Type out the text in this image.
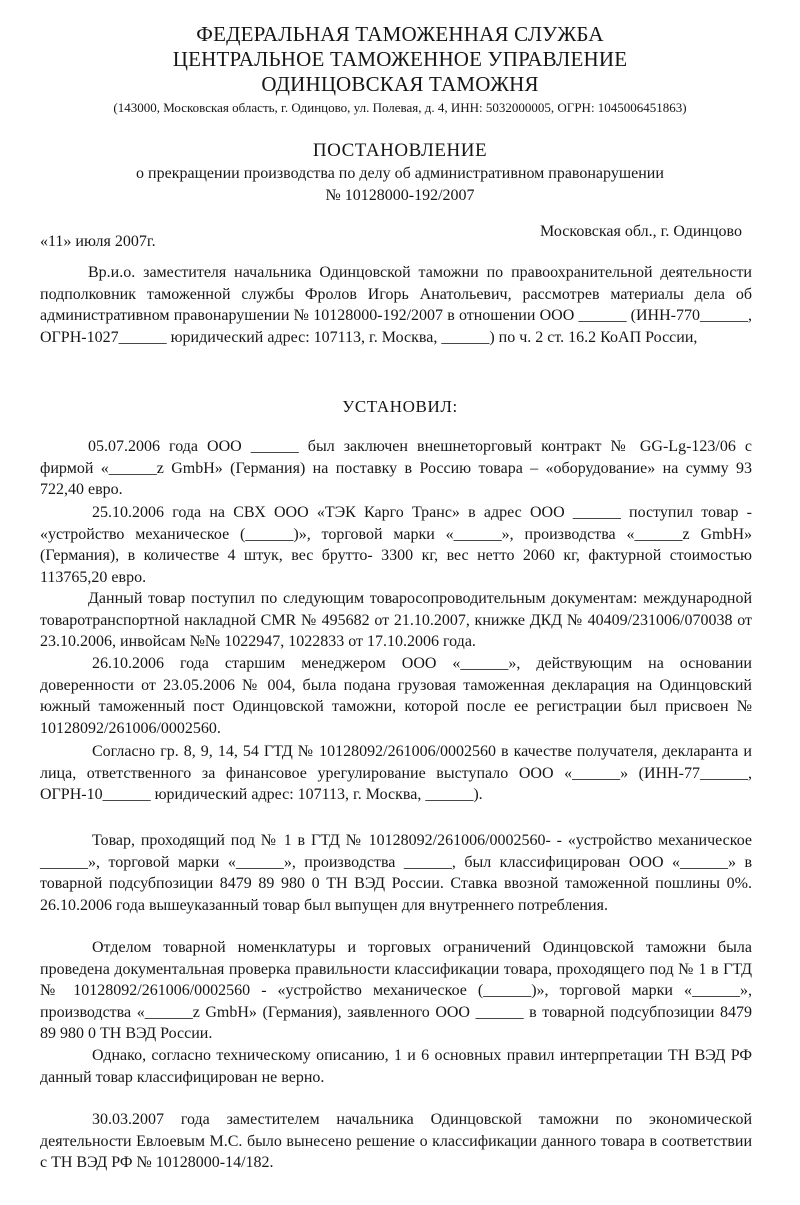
ФЕДЕРАЛЬНАЯ ТАМОЖЕННАЯ СЛУЖБА
ЦЕНТРАЛЬНОЕ ТАМОЖЕННОЕ УПРАВЛЕНИЕ
ОДИНЦОВСКАЯ ТАМОЖНЯ
(143000, Московская область, г. Одинцово, ул. Полевая, д. 4, ИНН: 5032000005, ОГРН: 1045006451863)
ПОСТАНОВЛЕНИЕ
о прекращении производства по делу об административном правонарушении
№ 10128000-192/2007
«11» июля 2007г.
Московская обл., г. Одинцово
Вр.и.о. заместителя начальника Одинцовской таможни по правоохранительной деятельности подполковник таможенной службы Фролов Игорь Анатольевич, рассмотрев материалы дела об административном правонарушении № 10128000-192/2007 в отношении ООО ______ (ИНН-770______, ОГРН-1027______ юридический адрес: 107113, г. Москва, ______) по ч. 2 ст. 16.2 КоАП России,
УСТАНОВИЛ:
05.07.2006 года ООО ______ был заключен внешнеторговый контракт № GG-Lg-123/06 с фирмой «______z GmbH» (Германия) на поставку в Россию товара – «оборудование» на сумму 93 722,40 евро.
25.10.2006 года на СВХ ООО «ТЭК Карго Транс» в адрес ООО ______ поступил товар - «устройство механическое (______)», торговой марки «______», производства «______z GmbH» (Германия), в количестве 4 штук, вес брутто- 3300 кг, вес нетто 2060 кг, фактурной стоимостью 113765,20 евро.
Данный товар поступил по следующим товаросопроводительным документам: международной товаротранспортной накладной CMR № 495682 от 21.10.2007, книжке ДКД № 40409/231006/070038 от 23.10.2006, инвойсам №№ 1022947, 1022833 от 17.10.2006 года.
26.10.2006 года старшим менеджером ООО «______», действующим на основании доверенности от 23.05.2006 № 004, была подана грузовая таможенная декларация на Одинцовский южный таможенный пост Одинцовской таможни, которой после ее регистрации был присвоен № 10128092/261006/0002560.
Согласно гр. 8, 9, 14, 54 ГТД № 10128092/261006/0002560 в качестве получателя, декларанта и лица, ответственного за финансовое урегулирование выступало ООО «______» (ИНН-77______, ОГРН-10______ юридический адрес: 107113, г. Москва, ______).
Товар, проходящий под № 1 в ГТД № 10128092/261006/0002560- - «устройство механическое ______», торговой марки «______», производства ______, был классифицирован ООО «______» в товарной подсубпозиции 8479 89 980 0 ТН ВЭД России. Ставка ввозной таможенной пошлины 0%. 26.10.2006 года вышеуказанный товар был выпущен для внутреннего потребления.
Отделом товарной номенклатуры и торговых ограничений Одинцовской таможни была проведена документальная проверка правильности классификации товара, проходящего под № 1 в ГТД № 10128092/261006/0002560 - «устройство механическое (______)», торговой марки «______», производства «______z GmbH» (Германия), заявленного ООО ______ в товарной подсубпозиции 8479 89 980 0 ТН ВЭД России.
Однако, согласно техническому описанию, 1 и 6 основных правил интерпретации ТН ВЭД РФ данный товар классифицирован не верно.
30.03.2007 года заместителем начальника Одинцовской таможни по экономической деятельности Евлоевым М.С. было вынесено решение о классификации данного товара в соответствии с ТН ВЭД РФ № 10128000-14/182.
